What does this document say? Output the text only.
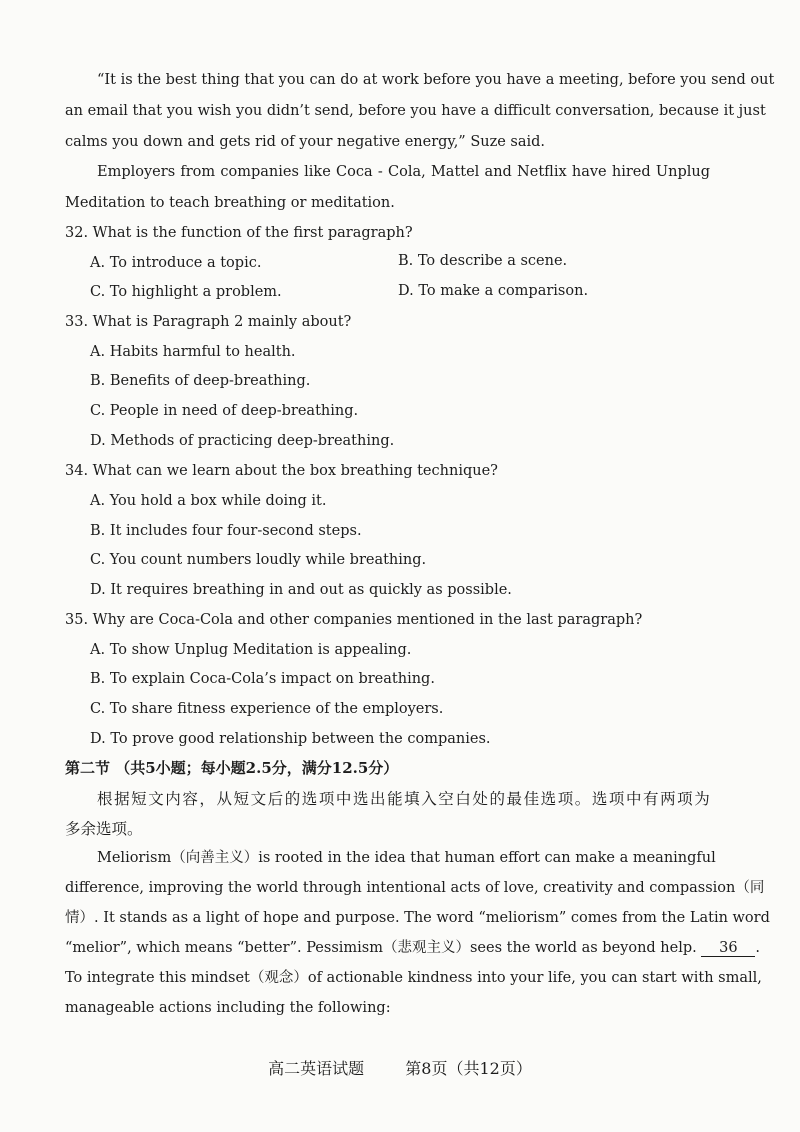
“It is the best thing that you can do at work before you have a meeting, before you send out
an email that you wish you didn’t send, before you have a difficult conversation, because it just
calms you down and gets rid of your negative energy,” Suze said.
Employers from companies like Coca - Cola, Mattel and Netflix have hired Unplug
Meditation to teach breathing or meditation.
32. What is the function of the first paragraph?
A. To introduce a topic.	B. To describe a scene.
C. To highlight a problem.	D. To make a comparison.
33. What is Paragraph 2 mainly about?
A. Habits harmful to health.
B. Benefits of deep-breathing.
C. People in need of deep-breathing.
D. Methods of practicing deep-breathing.
34. What can we learn about the box breathing technique?
A. You hold a box while doing it.
B. It includes four four-second steps.
C. You count numbers loudly while breathing.
D. It requires breathing in and out as quickly as possible.
35. Why are Coca-Cola and other companies mentioned in the last paragraph?
A. To show Unplug Meditation is appealing.
B. To explain Coca-Cola’s impact on breathing.
C. To share fitness experience of the employers.
D. To prove good relationship between the companies.
第二节 （共5小题；每小题2.5分，满分12.5分）
根据短文内容，从短文后的选项中选出能填入空白处的最佳选项。选项中有两项为
多余选项。
Meliorism（向善主义）is rooted in the idea that human effort can make a meaningful
difference, improving the world through intentional acts of love, creativity and compassion（同
情）. It stands as a light of hope and purpose. The word “meliorism” comes from the Latin word
“melior”, which means “better”. Pessimism（悲观主义）sees the world as beyond help. 36 .
To integrate this mindset（观念）of actionable kindness into your life, you can start with small,
manageable actions including the following:
高二英语试题	第8页（共12页）
